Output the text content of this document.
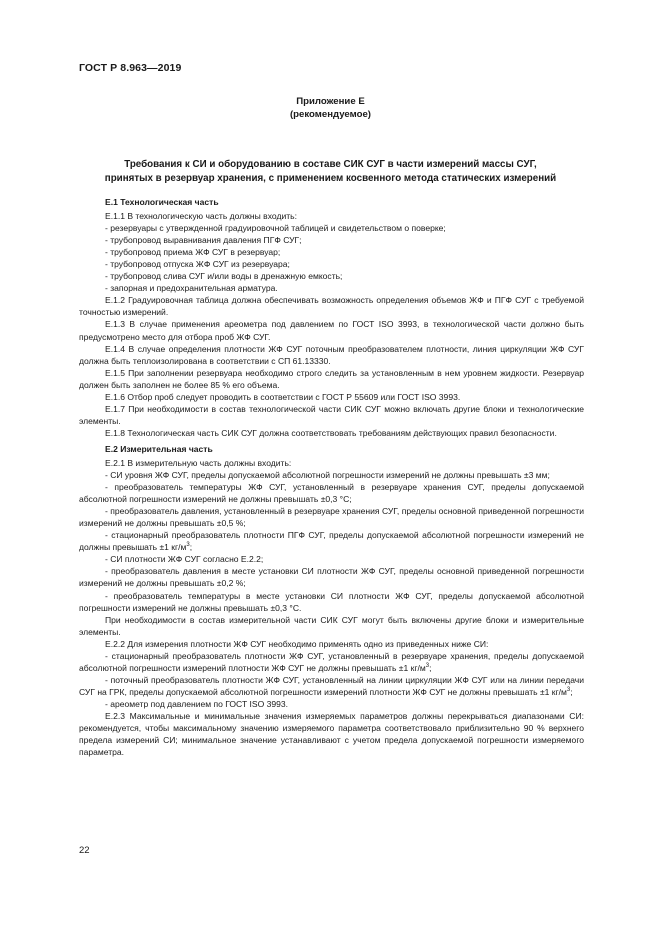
ГОСТ Р 8.963—2019
Приложение Е
(рекомендуемое)
Требования к СИ и оборудованию в составе СИК СУГ в части измерений массы СУГ,
принятых в резервуар хранения, с применением косвенного метода статических измерений

Е.1 Технологическая часть

Е.1.1 В технологическую часть должны входить:

- резервуары с утвержденной градуировочной таблицей и свидетельством о поверке;

- трубопровод выравнивания давления ПГФ СУГ;

- трубопровод приема ЖФ СУГ в резервуар;

- трубопровод отпуска ЖФ СУГ из резервуара;

- трубопровод слива СУГ и/или воды в дренажную емкость;

- запорная и предохранительная арматура.

Е.1.2 Градуировочная таблица должна обеспечивать возможность определения объемов ЖФ и ПГФ СУГ с требуемой точностью измерений.

Е.1.3 В случае применения ареометра под давлением по ГОСТ ISO 3993, в технологической части должно быть предусмотрено место для отбора проб ЖФ СУГ.

Е.1.4 В случае определения плотности ЖФ СУГ поточным преобразователем плотности, линия циркуляции ЖФ СУГ должна быть теплоизолирована в соответствии с СП 61.13330.

Е.1.5 При заполнении резервуара необходимо строго следить за установленным в нем уровнем жидкости. Резервуар должен быть заполнен не более 85 % его объема.

Е.1.6 Отбор проб следует проводить в соответствии с ГОСТ Р 55609 или ГОСТ ISO 3993.

Е.1.7 При необходимости в состав технологической части СИК СУГ можно включать другие блоки и технологические элементы.

Е.1.8 Технологическая часть СИК СУГ должна соответствовать требованиям действующих правил безопасности.

Е.2 Измерительная часть

Е.2.1 В измерительную часть должны входить:

- СИ уровня ЖФ СУГ, пределы допускаемой абсолютной погрешности измерений не должны превышать ±3 мм;

- преобразователь температуры ЖФ СУГ, установленный в резервуаре хранения СУГ, пределы допускаемой абсолютной погрешности измерений не должны превышать ±0,3 °С;

- преобразователь давления, установленный в резервуаре хранения СУГ, пределы основной приведенной погрешности измерений не должны превышать ±0,5 %;

- стационарный преобразователь плотности ПГФ СУГ, пределы допускаемой абсолютной погрешности измерений не должны превышать ±1 $кг/м^3$;

- СИ плотности ЖФ СУГ согласно Е.2.2;

- преобразователь давления в месте установки СИ плотности ЖФ СУГ, пределы основной приведенной погрешности измерений не должны превышать ±0,2 %;

- преобразователь температуры в месте установки СИ плотности ЖФ СУГ, пределы допускаемой абсолютной погрешности измерений не должны превышать ±0,3 °С.

При необходимости в состав измерительной части СИК СУГ могут быть включены другие блоки и измерительные элементы.

Е.2.2 Для измерения плотности ЖФ СУГ необходимо применять одно из приведенных ниже СИ:

- стационарный преобразователь плотности ЖФ СУГ, установленный в резервуаре хранения, пределы допускаемой абсолютной погрешности измерений плотности ЖФ СУГ не должны превышать ±1 $кг/м^3$;

- поточный преобразователь плотности ЖФ СУГ, установленный на линии циркуляции ЖФ СУГ или на линии передачи СУГ на ГРК, пределы допускаемой абсолютной погрешности измерений плотности ЖФ СУГ не должны превышать ±1 $кг/м^3$;

- ареометр под давлением по ГОСТ ISO 3993.

Е.2.3 Максимальные и минимальные значения измеряемых параметров должны перекрываться диапазонами СИ: рекомендуется, чтобы максимальному значению измеряемого параметра соответствовало приблизительно 90 % верхнего предела измерений СИ; минимальное значение устанавливают с учетом предела допускаемой погрешности измеряемого параметра.

22
